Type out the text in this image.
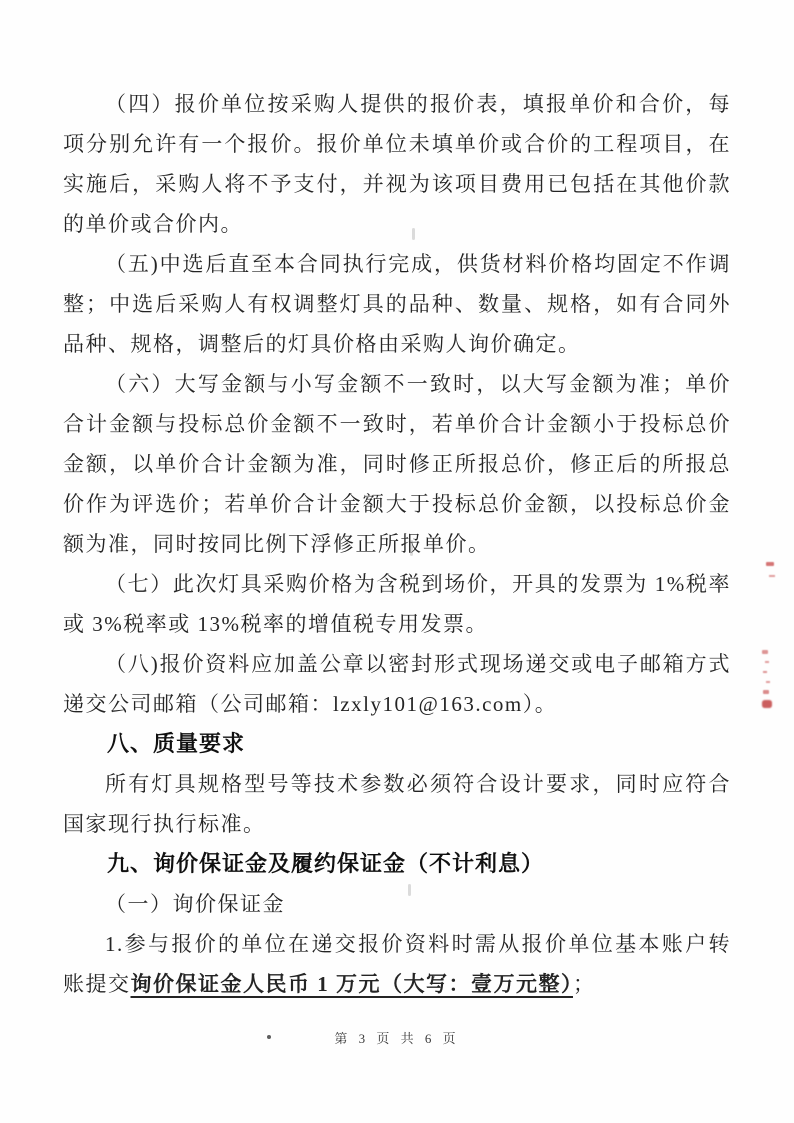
（四）报价单位按采购人提供的报价表，填报单价和合价，每项分别允许有一个报价。报价单位未填单价或合价的工程项目，在实施后，采购人将不予支付，并视为该项目费用已包括在其他价款的单价或合价内。

（五)中选后直至本合同执行完成，供货材料价格均固定不作调整；中选后采购人有权调整灯具的品种、数量、规格，如有合同外品种、规格，调整后的灯具价格由采购人询价确定。

（六）大写金额与小写金额不一致时，以大写金额为准；单价合计金额与投标总价金额不一致时，若单价合计金额小于投标总价金额，以单价合计金额为准，同时修正所报总价，修正后的所报总价作为评选价；若单价合计金额大于投标总价金额，以投标总价金额为准，同时按同比例下浮修正所报单价。

（七）此次灯具采购价格为含税到场价，开具的发票为 1%税率或 3%税率或 13%税率的增值税专用发票。

（八)报价资料应加盖公章以密封形式现场递交或电子邮箱方式递交公司邮箱（公司邮箱：lzxly101@163.com）。

八、质量要求

所有灯具规格型号等技术参数必须符合设计要求，同时应符合国家现行执行标准。

九、询价保证金及履约保证金（不计利息）

（一）询价保证金

1.参与报价的单位在递交报价资料时需从报价单位基本账户转账提交询价保证金人民币 1 万元（大写：壹万元整）；

第 3 页 共 6 页
